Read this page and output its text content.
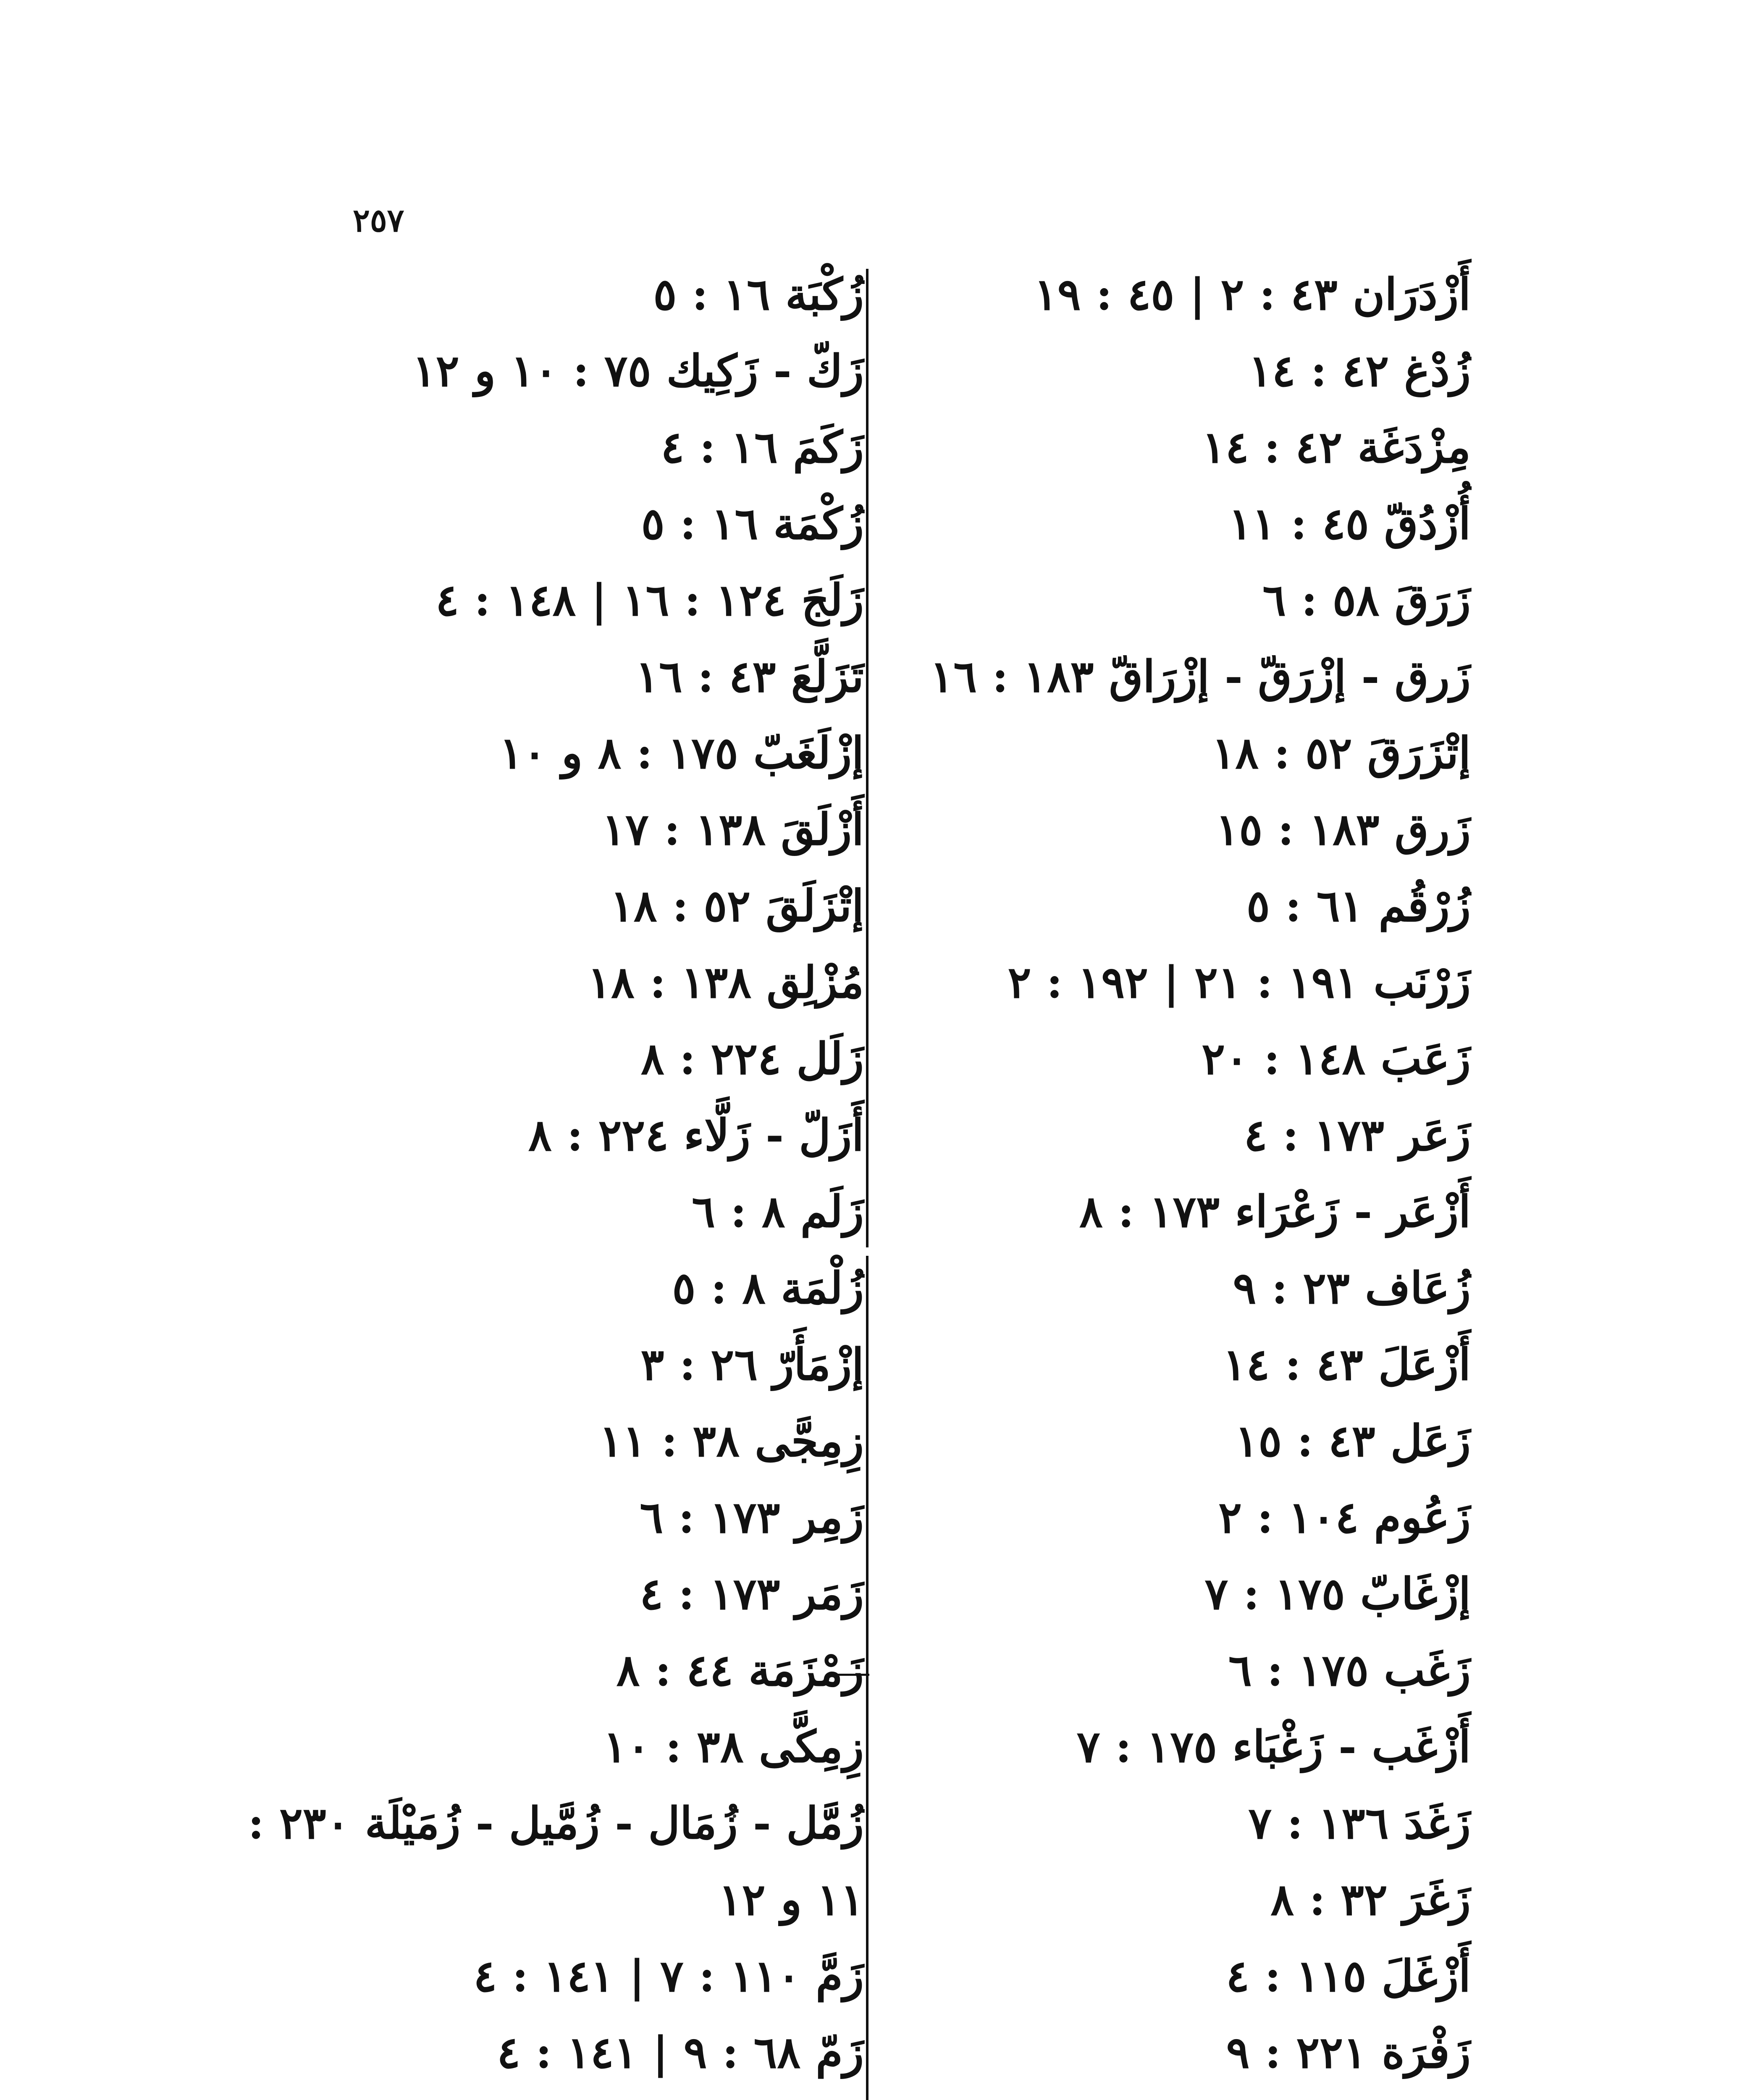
٢٥٧
أَزْدَرَان ٤٣ : ٢ | ٤٥ : ١٩
زُدْغ ٤٢ : ١٤
مِزْدَغَة ٤٢ : ١٤
أُزْدُقّ ٤٥ : ١١
زَرَقَ ٥٨ : ٦
زَرق - إزْرَقّ - إزْرَاقّ ١٨٣ : ١٦
إتْزَرَقَ ٥٢ : ١٨
زَرق ١٨٣ : ١٥
زُرْقُم ٦١ : ٥
زَرْنَب ١٩١ : ٢١ | ١٩٢ : ٢
زَعَبَ ١٤٨ : ٢٠
زَعَر ١٧٣ : ٤
أَزْعَر - زَعْرَاء ١٧٣ : ٨
زُعَاف ٢٣ : ٩
أَزْعَلَ ٤٣ : ١٤
زَعَل ٤٣ : ١٥
زَعُوم ١٠٤ : ٢
إزْغَابّ ١٧٥ : ٧
زَغَب ١٧٥ : ٦
أَزْغَب - زَغْبَاء ١٧٥ : ٧
زَغَدَ ١٣٦ : ٧
زَغَرَ ٣٢ : ٨
أَزْغَلَ ١١٥ : ٤
زَفْرَة ٢٢١ : ٩
زُكْبَة ١٦ : ٥
زَكّ - زَكِيك ٧٥ : ١٠ و ١٢
زَكَمَ ١٦ : ٤
زُكْمَة ١٦ : ٥
زَلَجَ ١٢٤ : ١٦ | ١٤٨ : ٤
تَزَلَّعَ ٤٣ : ١٦
إزْلَغَبّ ١٧٥ : ٨ و ١٠
أَزْلَقَ ١٣٨ : ١٧
إتْزَلَقَ ٥٢ : ١٨
مُزْلِق ١٣٨ : ١٨
زَلَل ٢٢٤ : ٨
أَزَلّ - زَلَّاء ٢٢٤ : ٨
زَلَم ٨ : ٦
زُلْمَة ٨ : ٥
إزْمَأَرّ ٢٦ : ٣
زِمِجَّى ٣٨ : ١١
زَمِر ١٧٣ : ٦
زَمَر ١٧٣ : ٤
زَمْزَمَة ٤٤ : ٨
زِمِكَّى ٣٨ : ١٠
زُمَّل - زُمَال - زُمَّيل - زُمَيْلَة ٢٣٠ :
١١ و ١٢
زَمَّ ١١٠ : ٧ | ١٤١ : ٤
زَمّ ٦٨ : ٩ | ١٤١ : ٤
